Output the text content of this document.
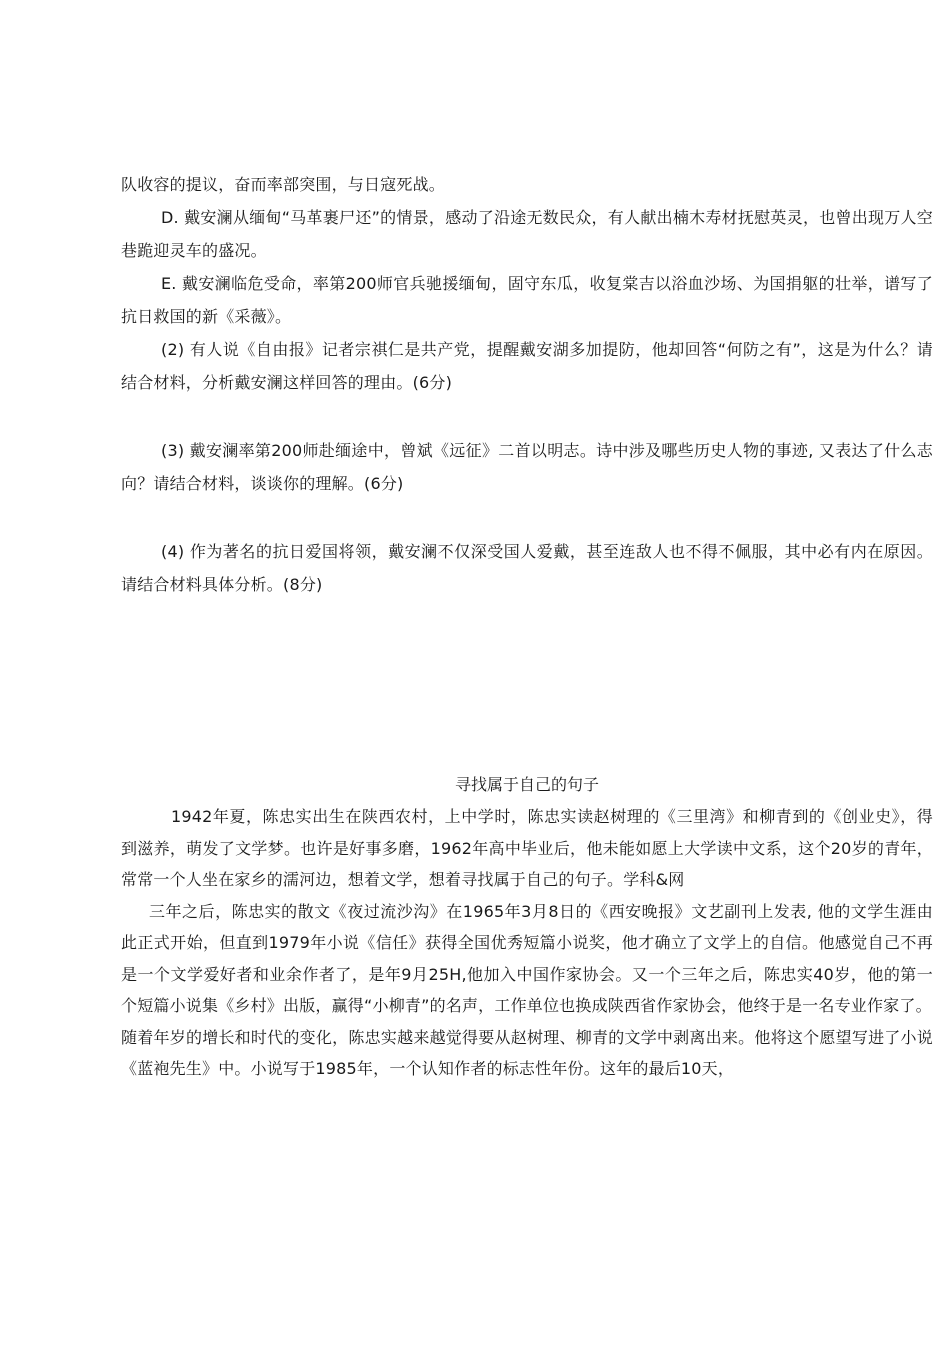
队收容的提议，奋而率部突围，与日寇死战。

D. 戴安澜从缅甸“马革裹尸还”的情景，感动了沿途无数民众，有人献出楠木寿材抚慰英灵，也曾出现万人空巷跪迎灵车的盛况。

E. 戴安澜临危受命，率第200师官兵驰援缅甸，固守东瓜，收复棠吉以浴血沙场、为国捐躯的壮举，谱写了抗日救国的新《采薇》。

(2) 有人说《自由报》记者宗祺仁是共产党，提醒戴安湖多加提防，他却回答“何防之有”，这是为什么？请结合材料，分析戴安澜这样回答的理由。(6分)

(3) 戴安澜率第200师赴缅途中，曾斌《远征》二首以明志。诗中涉及哪些历史人物的事迹, 又表达了什么志向？请结合材料，谈谈你的理解。(6分)

(4) 作为著名的抗日爱国将领，戴安澜不仅深受国人爱戴，甚至连敌人也不得不佩服，其中必有内在原因。请结合材料具体分析。(8分)

寻找属于自己的句子

1942年夏，陈忠实出生在陕西农村，上中学时，陈忠实读赵树理的《三里湾》和柳青到的《创业史》，得到滋养，萌发了文学梦。也许是好事多磨，1962年高中毕业后，他未能如愿上大学读中文系，这个20岁的青年，常常一个人坐在家乡的濡河边，想着文学，想着寻找属于自己的句子。学科&网

三年之后，陈忠实的散文《夜过流沙沟》在1965年3月8日的《西安晚报》文艺副刊上发表, 他的文学生涯由此正式开始，但直到1979年小说《信任》获得全国优秀短篇小说奖，他才确立了文学上的自信。他感觉自己不再是一个文学爱好者和业余作者了，是年9月25H,他加入中国作家协会。又一个三年之后，陈忠实40岁，他的第一个短篇小说集《乡村》出版，赢得“小柳青”的名声，工作单位也换成陕西省作家协会，他终于是一名专业作家了。

随着年岁的增长和时代的变化，陈忠实越来越觉得要从赵树理、柳青的文学中剥离出来。他将这个愿望写进了小说《蓝袍先生》中。小说写于1985年，一个认知作者的标志性年份。这年的最后10天，
